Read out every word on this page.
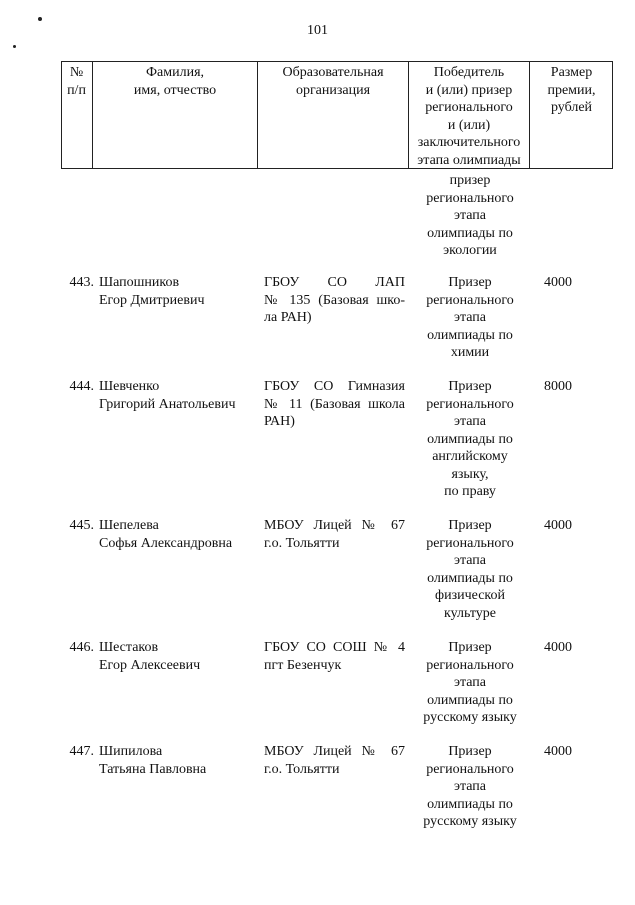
101
№
п/п
Фамилия,
имя, отчество
Образовательная
организация
Победитель
и (или) призер
регионального
и (или)
заключительного
этапа олимпиады
Размер
премии,
рублей
призер
регионального
этапа
олимпиады по
экологии
443. Шапошников
Егор Дмитриевич
ГБОУ СО ЛАП
№ 135 (Базовая шко-
ла РАН)
Призер
регионального
этапа
олимпиады по
химии
4000
444. Шевченко
Григорий Анатольевич
ГБОУ СО Гимназия
№ 11 (Базовая школа
РАН)
Призер
регионального
этапа
олимпиады по
английскому
языку,
по праву
8000
445. Шепелева
Софья Александровна
МБОУ Лицей № 67
г.о. Тольятти
Призер
регионального
этапа
олимпиады по
физической
культуре
4000
446. Шестаков
Егор Алексеевич
ГБОУ СО СОШ № 4
пгт Безенчук
Призер
регионального
этапа
олимпиады по
русскому языку
4000
447. Шипилова
Татьяна Павловна
МБОУ Лицей № 67
г.о. Тольятти
Призер
регионального
этапа
олимпиады по
русскому языку
4000
